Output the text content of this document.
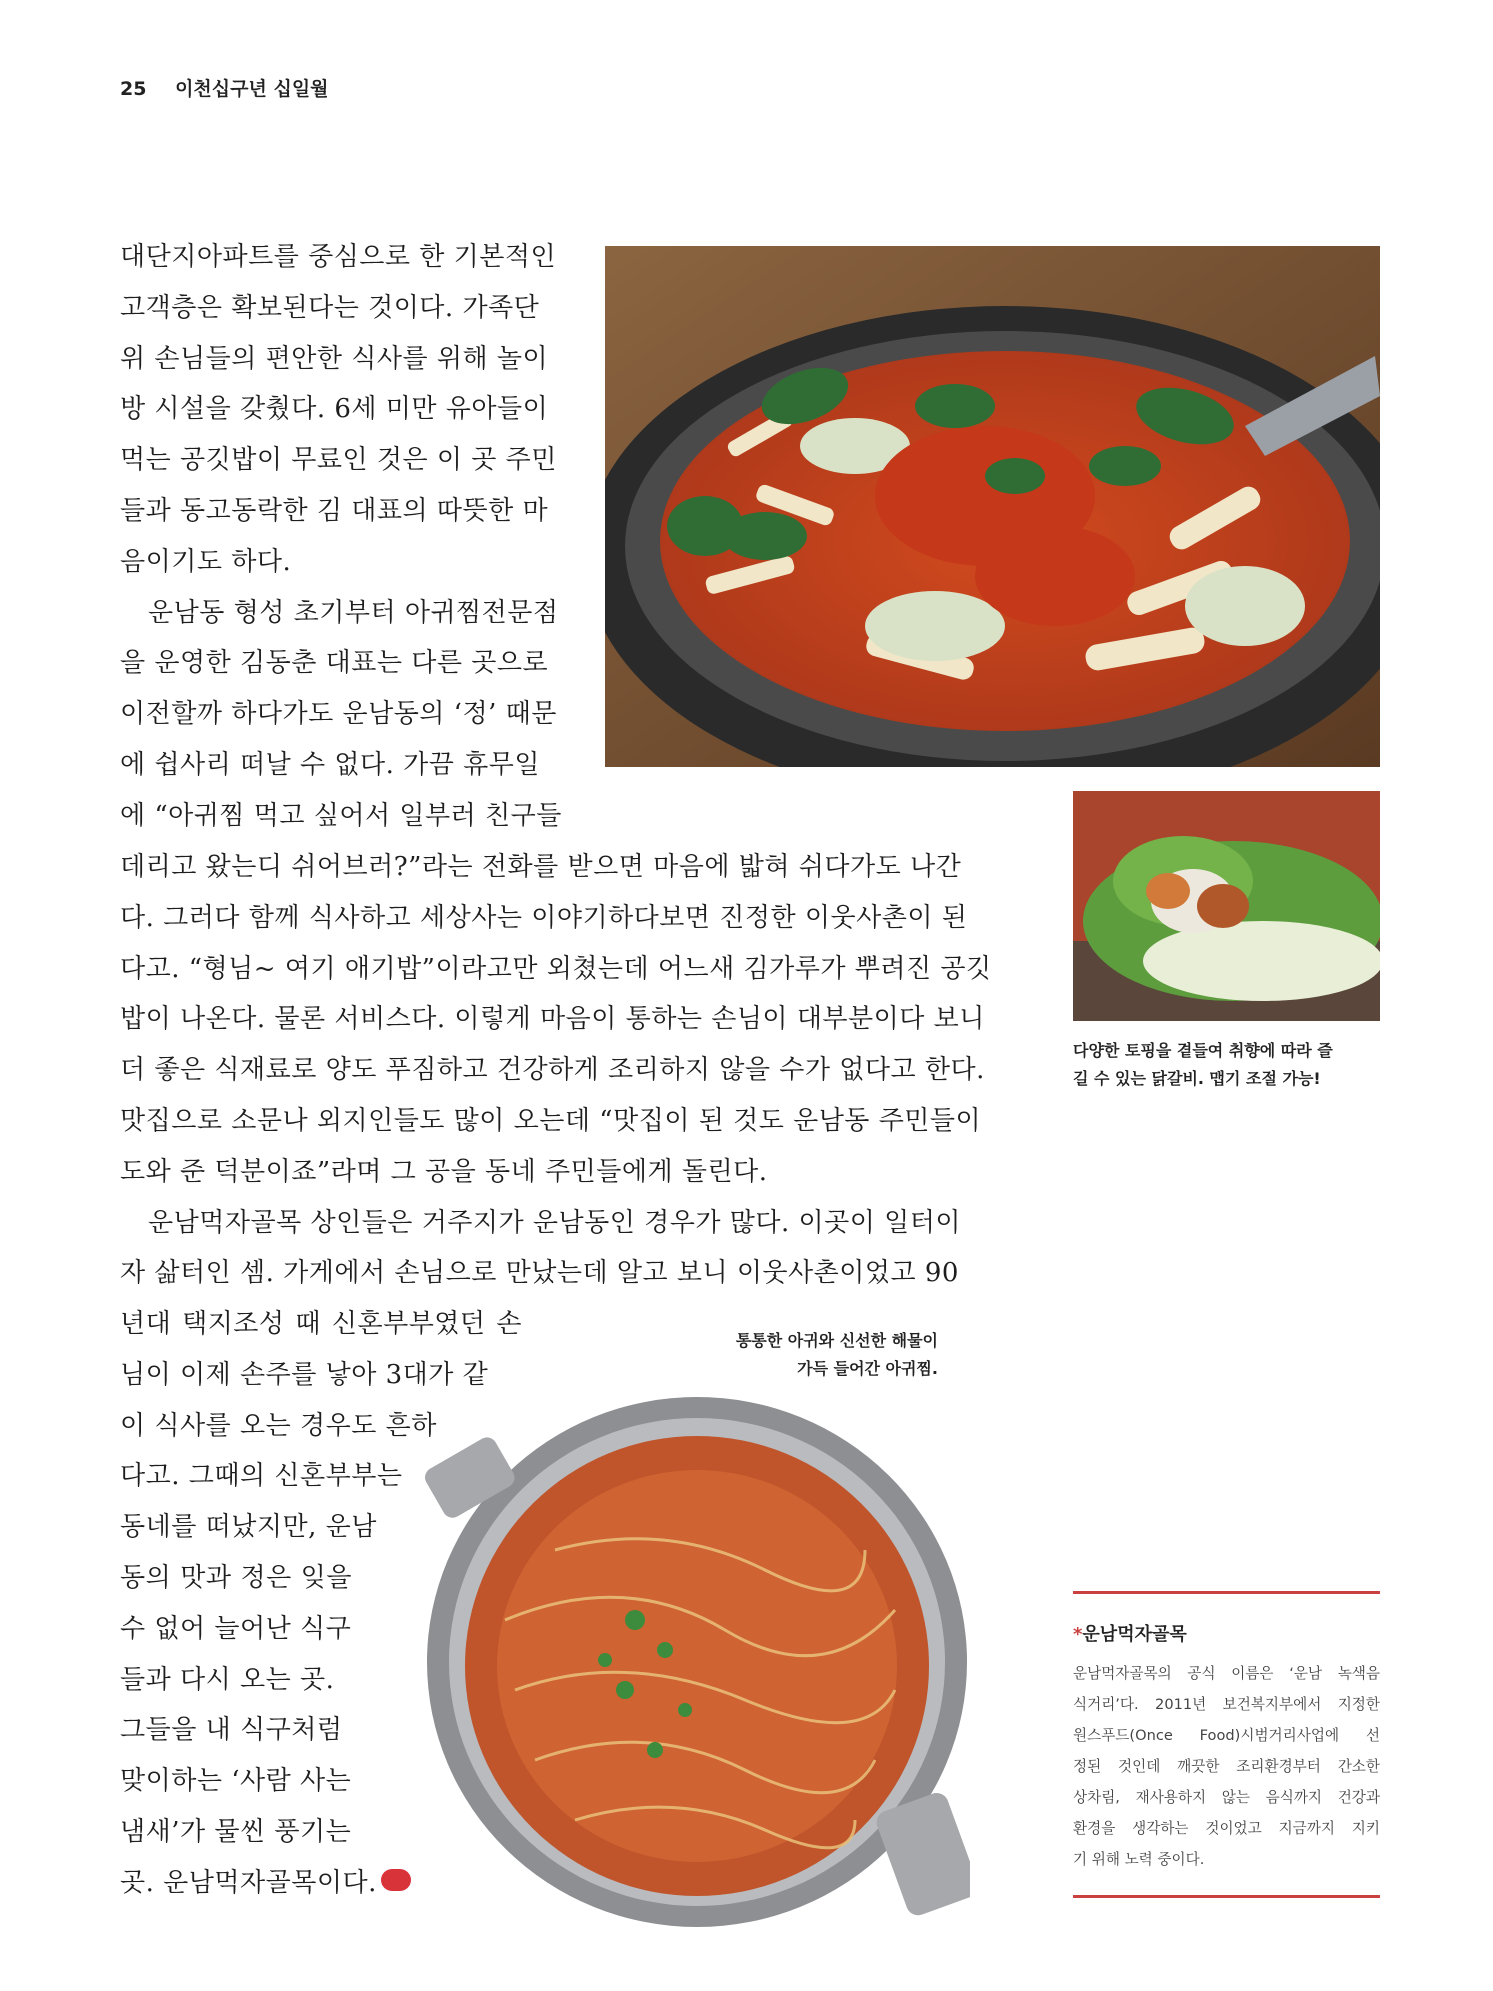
25 이천십구년 십일월
대단지아파트를 중심으로 한 기본적인
고객층은 확보된다는 것이다. 가족단
위 손님들의 편안한 식사를 위해 놀이
방 시설을 갖췄다. 6세 미만 유아들이
먹는 공깃밥이 무료인 것은 이 곳 주민
들과 동고동락한 김 대표의 따뜻한 마
음이기도 하다.
운남동 형성 초기부터 아귀찜전문점
을 운영한 김동춘 대표는 다른 곳으로
이전할까 하다가도 운남동의 ‘정’ 때문
에 쉽사리 떠날 수 없다. 가끔 휴무일
에 “아귀찜 먹고 싶어서 일부러 친구들
데리고 왔는디 쉬어브러?”라는 전화를 받으면 마음에 밟혀 쉬다가도 나간
다. 그러다 함께 식사하고 세상사는 이야기하다보면 진정한 이웃사촌이 된
다고. “형님~ 여기 애기밥”이라고만 외쳤는데 어느새 김가루가 뿌려진 공깃
밥이 나온다. 물론 서비스다. 이렇게 마음이 통하는 손님이 대부분이다 보니
더 좋은 식재료로 양도 푸짐하고 건강하게 조리하지 않을 수가 없다고 한다.
맛집으로 소문나 외지인들도 많이 오는데 “맛집이 된 것도 운남동 주민들이
도와 준 덕분이죠”라며 그 공을 동네 주민들에게 돌린다.
운남먹자골목 상인들은 거주지가 운남동인 경우가 많다. 이곳이 일터이
자 삶터인 셈. 가게에서 손님으로 만났는데 알고 보니 이웃사촌이었고 90
년대 택지조성 때 신혼부부였던 손
님이 이제 손주를 낳아 3대가 같
이 식사를 오는 경우도 흔하
다고. 그때의 신혼부부는
동네를 떠났지만, 운남
동의 맛과 정은 잊을
수 없어 늘어난 식구
들과 다시 오는 곳.
그들을 내 식구처럼
맞이하는 ‘사람 사는
냄새’가 물씬 풍기는
곳. 운남먹자골목이다.
다양한 토핑을 곁들여 취향에 따라 즐
길 수 있는 닭갈비. 맵기 조절 가능!
통통한 아귀와 신선한 해물이
가득 들어간 아귀찜.
*운남먹자골목
운남먹자골목의 공식 이름은 ‘운남 녹색음
식거리’다. 2011년 보건복지부에서 지정한
원스푸드(Once Food)시범거리사업에 선
정된 것인데 깨끗한 조리환경부터 간소한
상차림, 재사용하지 않는 음식까지 건강과
환경을 생각하는 것이었고 지금까지 지키
기 위해 노력 중이다.
